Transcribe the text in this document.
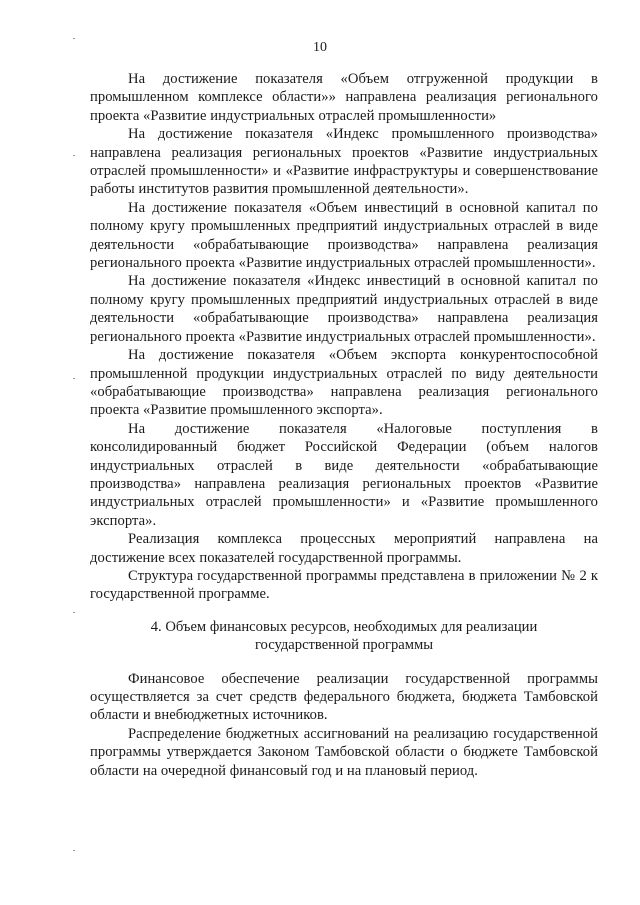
10

На достижение показателя «Объем отгруженной продукции в промышленном комплексе области»» направлена реализация регионального проекта «Развитие индустриальных отраслей промышленности»

На достижение показателя «Индекс промышленного производства» направлена реализация региональных проектов «Развитие индустриальных отраслей промышленности» и «Развитие инфраструктуры и совершенствование работы институтов развития промышленной деятельности».

На достижение показателя «Объем инвестиций в основной капитал по полному кругу промышленных предприятий индустриальных отраслей в виде деятельности «обрабатывающие производства» направлена реализация регионального проекта «Развитие индустриальных отраслей промышленности».

На достижение показателя «Индекс инвестиций в основной капитал по полному кругу промышленных предприятий индустриальных отраслей в виде деятельности «обрабатывающие производства» направлена реализация регионального проекта «Развитие индустриальных отраслей промышленности».

На достижение показателя «Объем экспорта конкурентоспособной промышленной продукции индустриальных отраслей по виду деятельности «обрабатывающие производства» направлена реализация регионального проекта «Развитие промышленного экспорта».

На достижение показателя «Налоговые поступления в консолидированный бюджет Российской Федерации (объем налогов индустриальных отраслей в виде деятельности «обрабатывающие производства» направлена реализация региональных проектов «Развитие индустриальных отраслей промышленности» и «Развитие промышленного экспорта».

Реализация комплекса процессных мероприятий направлена на достижение всех показателей государственной программы.

Структура государственной программы представлена в приложении № 2 к государственной программе.

4. Объем финансовых ресурсов, необходимых для реализации
государственной программы

Финансовое обеспечение реализации государственной программы осуществляется за счет средств федерального бюджета, бюджета Тамбовской области и внебюджетных источников.

Распределение бюджетных ассигнований на реализацию государственной программы утверждается Законом Тамбовской области о бюджете Тамбовской области на очередной финансовый год и на плановый период.
